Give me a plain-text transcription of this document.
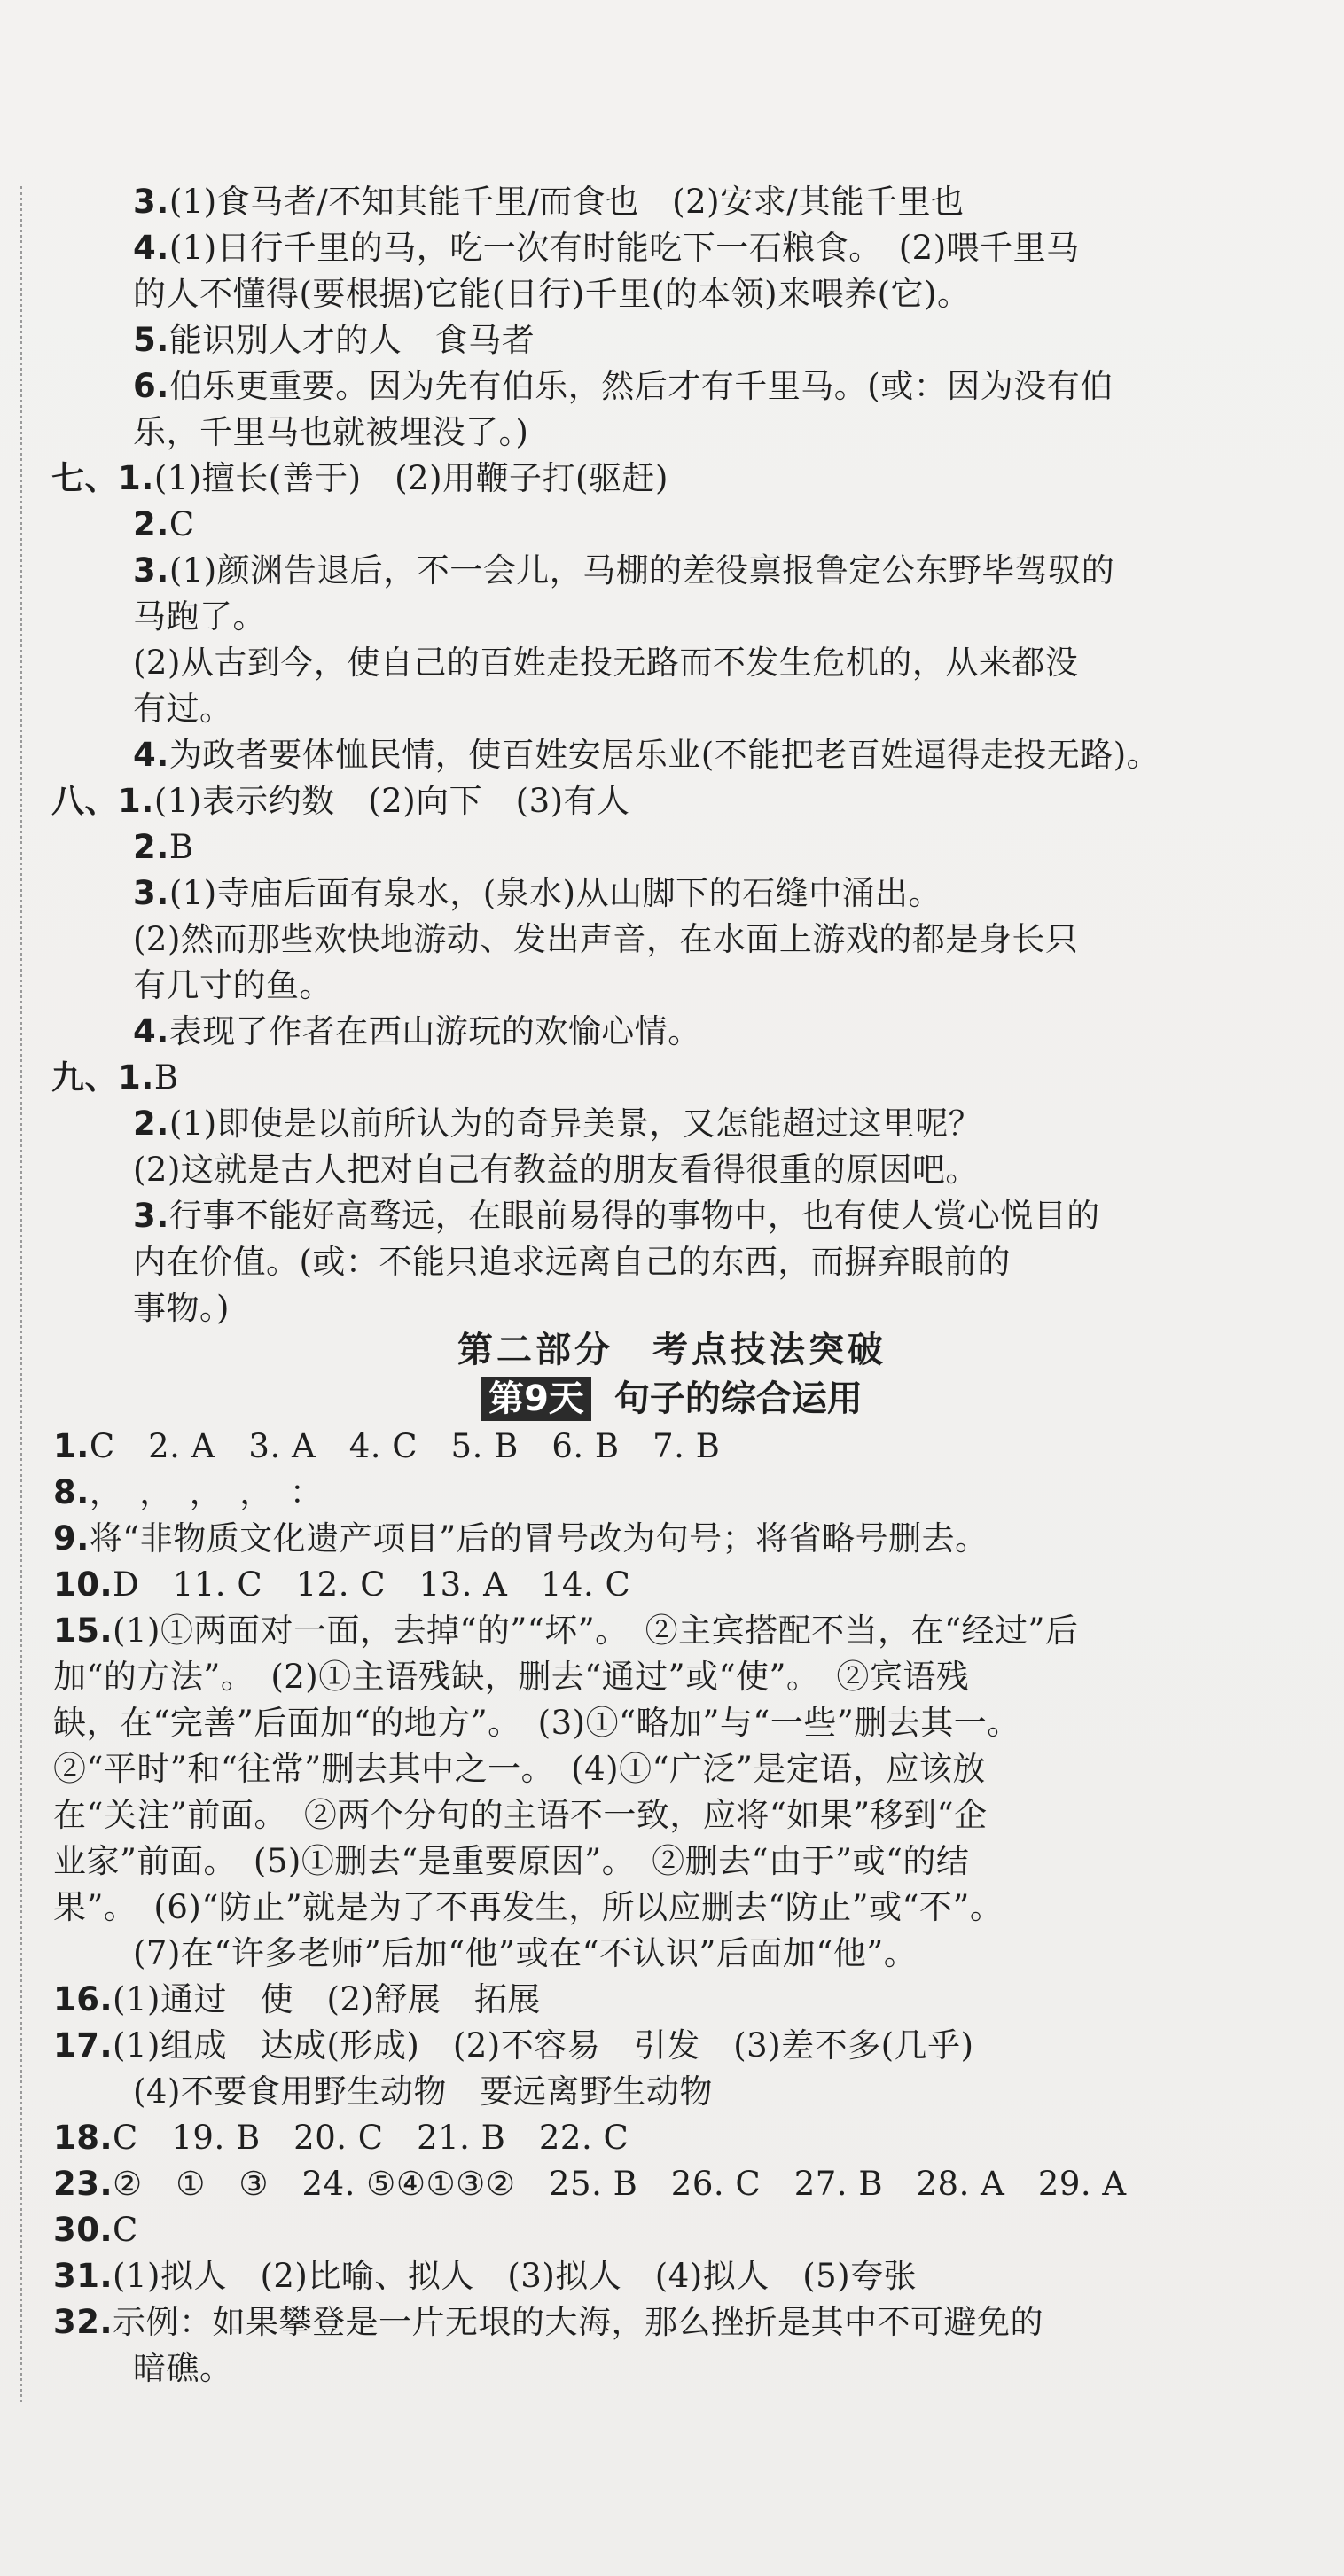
3.(1)食马者/不知其能千里/而食也　(2)安求/其能千里也
4.(1)日行千里的马，吃一次有时能吃下一石粮食。　(2)喂千里马
的人不懂得(要根据)它能(日行)千里(的本领)来喂养(它)。
5.能识别人才的人　食马者
6.伯乐更重要。因为先有伯乐，然后才有千里马。(或：因为没有伯
乐，千里马也就被埋没了。)
七、1.(1)擅长(善于)　(2)用鞭子打(驱赶)
2.C
3.(1)颜渊告退后，不一会儿，马棚的差役禀报鲁定公东野毕驾驭的
马跑了。
(2)从古到今，使自己的百姓走投无路而不发生危机的，从来都没
有过。
4.为政者要体恤民情，使百姓安居乐业(不能把老百姓逼得走投无路)。
八、1.(1)表示约数　(2)向下　(3)有人
2.B
3.(1)寺庙后面有泉水，(泉水)从山脚下的石缝中涌出。
(2)然而那些欢快地游动、发出声音，在水面上游戏的都是身长只
有几寸的鱼。
4.表现了作者在西山游玩的欢愉心情。
九、1.B
2.(1)即使是以前所认为的奇异美景，又怎能超过这里呢？
(2)这就是古人把对自己有教益的朋友看得很重的原因吧。
3.行事不能好高骛远，在眼前易得的事物中，也有使人赏心悦目的
内在价值。(或：不能只追求远离自己的东西，而摒弃眼前的
事物。)
1.C　2. A　3. A　4. C　5. B　6. B　7. B
8.，　，　，　，　：
9.将“非物质文化遗产项目”后的冒号改为句号；将省略号删去。
10.D　11. C　12. C　13. A　14. C
15.(1)①两面对一面，去掉“的”“坏”。　②主宾搭配不当，在“经过”后
加“的方法”。　(2)①主语残缺，删去“通过”或“使”。　②宾语残
缺，在“完善”后面加“的地方”。　(3)①“略加”与“一些”删去其一。
②“平时”和“往常”删去其中之一。　(4)①“广泛”是定语，应该放
在“关注”前面。　②两个分句的主语不一致，应将“如果”移到“企
业家”前面。　(5)①删去“是重要原因”。　②删去“由于”或“的结
果”。　(6)“防止”就是为了不再发生，所以应删去“防止”或“不”。
(7)在“许多老师”后加“他”或在“不认识”后面加“他”。
16.(1)通过　使　(2)舒展　拓展
17.(1)组成　达成(形成)　(2)不容易　引发　(3)差不多(几乎)
(4)不要食用野生动物　要远离野生动物
18.C　19. B　20. C　21. B　22. C
23.②　①　③　24. ⑤④①③②　25. B　26. C　27. B　28. A　29. A
30.C
31.(1)拟人　(2)比喻、拟人　(3)拟人　(4)拟人　(5)夸张
32.示例：如果攀登是一片无垠的大海，那么挫折是其中不可避免的
暗礁。
第二部分　考点技法突破
第9天 句子的综合运用
